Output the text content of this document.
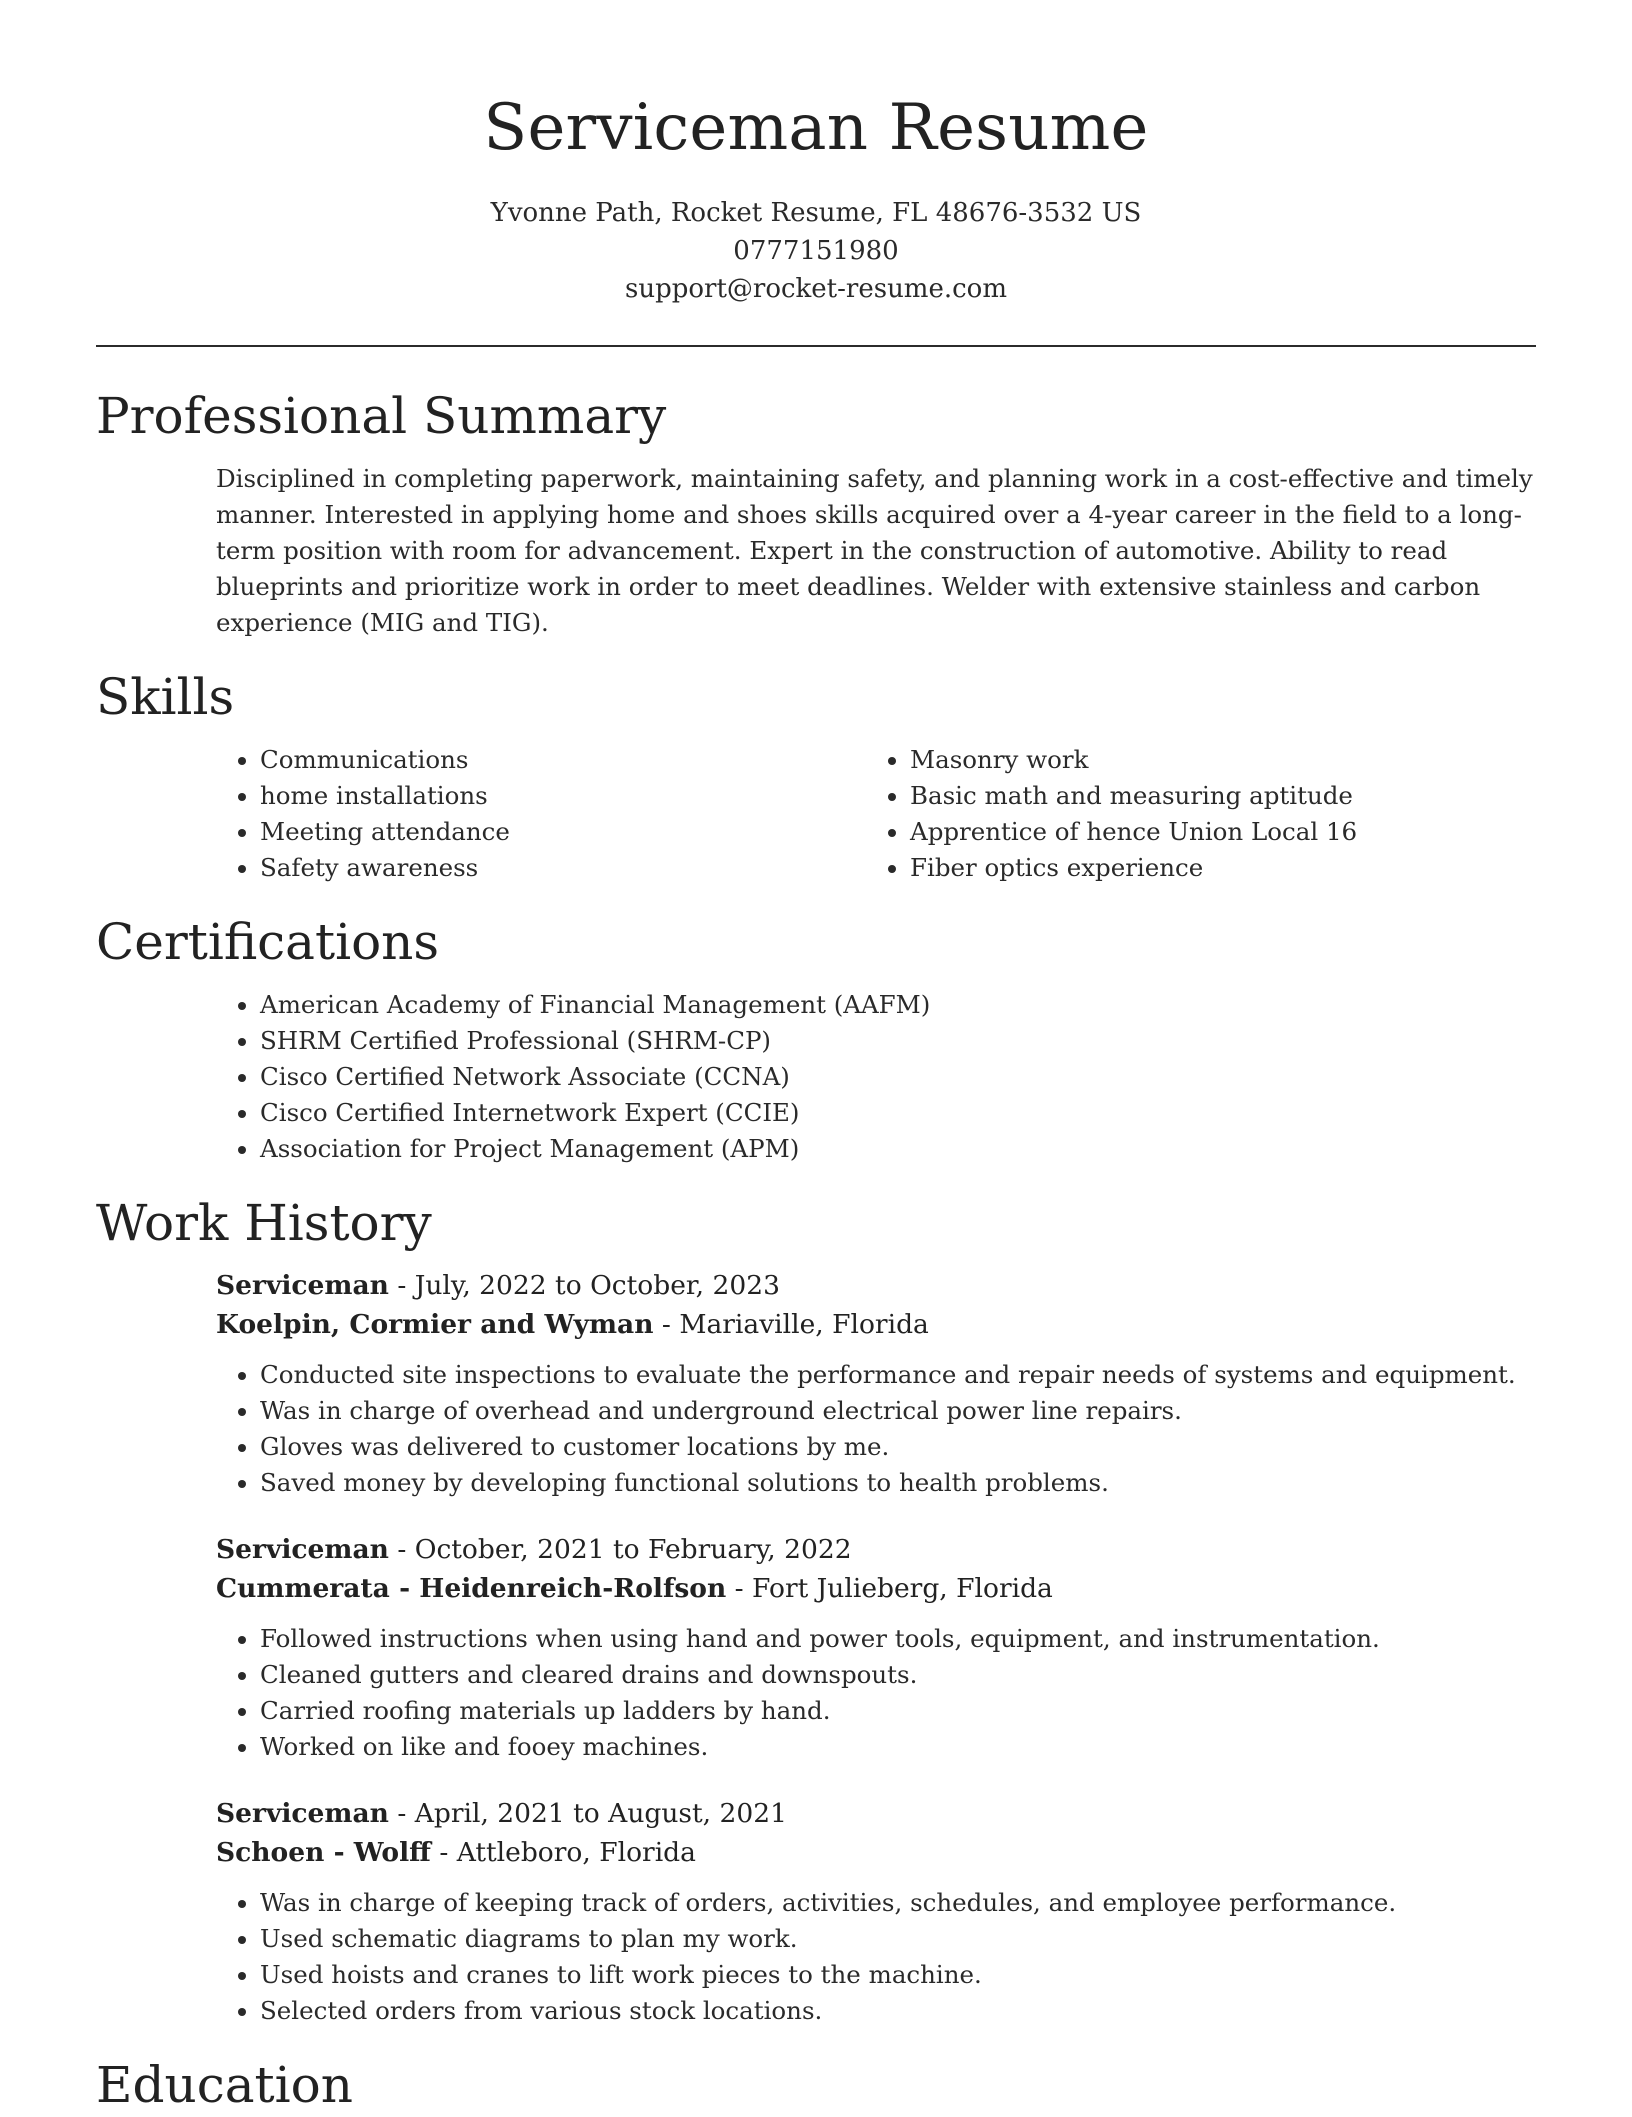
Serviceman Resume
Yvonne Path, Rocket Resume, FL 48676-3532 US
0777151980
support@rocket-resume.com
Professional Summary

Disciplined in completing paperwork, maintaining safety, and planning work in a cost-effective and timely manner. Interested in applying home and shoes skills acquired over a 4-year career in the field to a long-term position with room for advancement. Expert in the construction of automotive. Ability to read blueprints and prioritize work in order to meet deadlines. Welder with extensive stainless and carbon experience (MIG and TIG).

Skills
• Communications
• home installations
• Meeting attendance
• Safety awareness
• Masonry work
• Basic math and measuring aptitude
• Apprentice of hence Union Local 16
• Fiber optics experience
Certifications
• American Academy of Financial Management (AAFM)
• SHRM Certified Professional (SHRM-CP)
• Cisco Certified Network Associate (CCNA)
• Cisco Certified Internetwork Expert (CCIE)
• Association for Project Management (APM)
Work History
Serviceman - July, 2022 to October, 2023
Koelpin, Cormier and Wyman - Mariaville, Florida
• Conducted site inspections to evaluate the performance and repair needs of systems and equipment.
• Was in charge of overhead and underground electrical power line repairs.
• Gloves was delivered to customer locations by me.
• Saved money by developing functional solutions to health problems.
Serviceman - October, 2021 to February, 2022
Cummerata - Heidenreich-Rolfson - Fort Julieberg, Florida
• Followed instructions when using hand and power tools, equipment, and instrumentation.
• Cleaned gutters and cleared drains and downspouts.
• Carried roofing materials up ladders by hand.
• Worked on like and fooey machines.
Serviceman - April, 2021 to August, 2021
Schoen - Wolff - Attleboro, Florida
• Was in charge of keeping track of orders, activities, schedules, and employee performance.
• Used schematic diagrams to plan my work.
• Used hoists and cranes to lift work pieces to the machine.
• Selected orders from various stock locations.
Education
